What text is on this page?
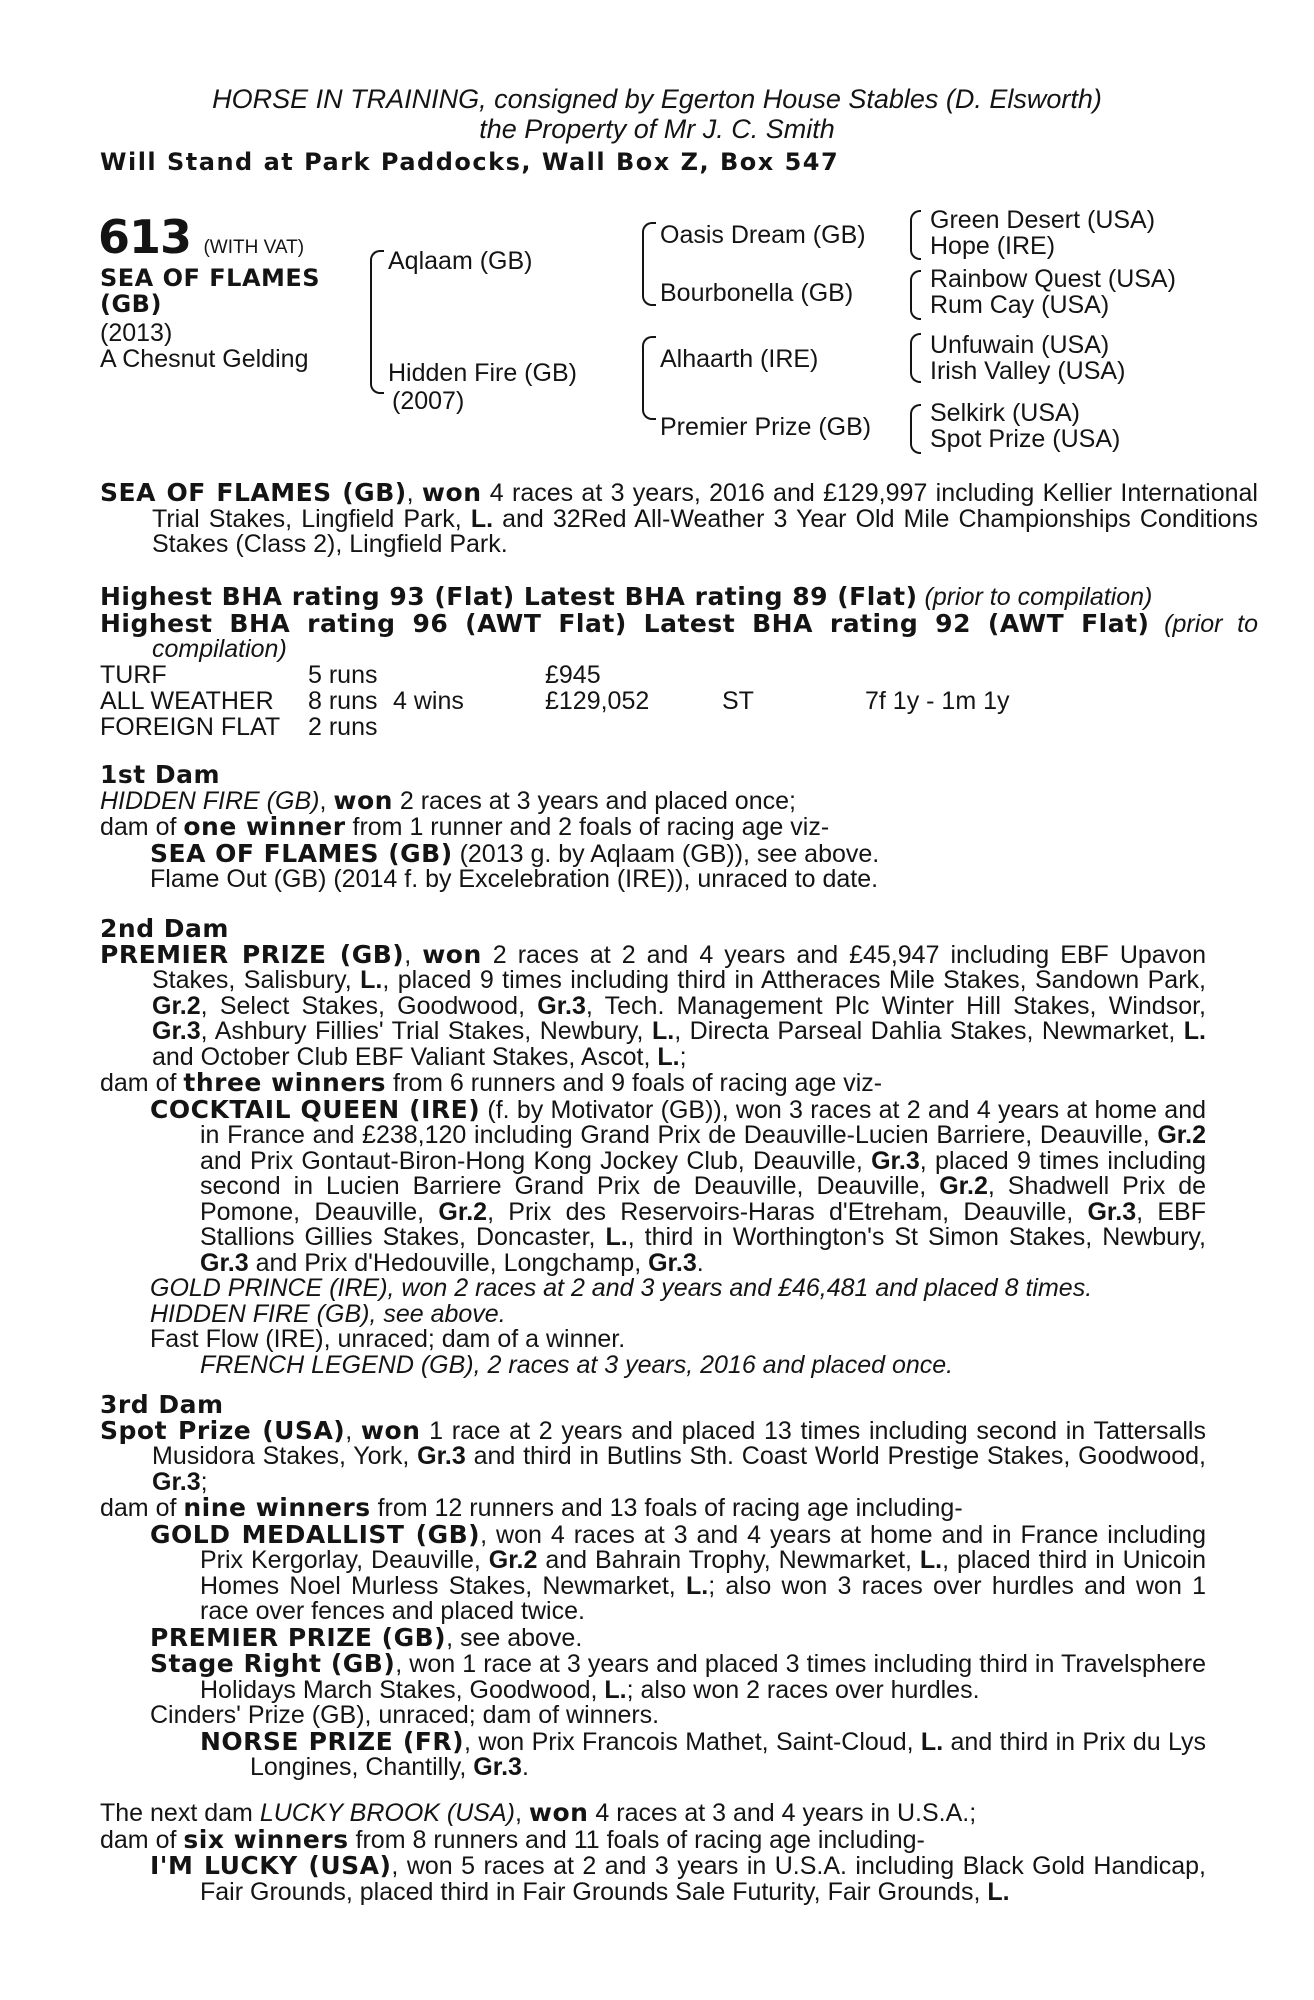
HORSE IN TRAINING, consigned by Egerton House Stables (D. Elsworth)
the Property of Mr J. C. Smith
Will Stand at Park Paddocks, Wall Box Z, Box 547
613 (WITH VAT)
SEA OF FLAMES
(GB)
(2013)
A Chesnut Gelding
Aqlaam (GB)
Hidden Fire (GB)
(2007)
Oasis Dream (GB)
Bourbonella (GB)
Alhaarth (IRE)
Premier Prize (GB)
Green Desert (USA)
Hope (IRE)
Rainbow Quest (USA)
Rum Cay (USA)
Unfuwain (USA)
Irish Valley (USA)
Selkirk (USA)
Spot Prize (USA)

SEA OF FLAMES (GB), won 4 races at 3 years, 2016 and £129,997 including Kellier International Trial Stakes, Lingfield Park, L. and 32Red All-Weather 3 Year Old Mile Championships Conditions Stakes (Class 2), Lingfield Park.

Highest BHA rating 93 (Flat) Latest BHA rating 89 (Flat) (prior to compilation)

Highest BHA rating 96 (AWT Flat) Latest BHA rating 92 (AWT Flat) (prior to compilation)

TURF	5 runs	£945
ALL WEATHER 8 runs 4 wins	£129,052	ST	7f 1y - 1m 1y
FOREIGN FLAT 2 runs

1st Dam

HIDDEN FIRE (GB), won 2 races at 3 years and placed once;

dam of one winner from 1 runner and 2 foals of racing age viz-

SEA OF FLAMES (GB) (2013 g. by Aqlaam (GB)), see above.

Flame Out (GB) (2014 f. by Excelebration (IRE)), unraced to date.

2nd Dam

PREMIER PRIZE (GB), won 2 races at 2 and 4 years and £45,947 including EBF Upavon Stakes, Salisbury, L., placed 9 times including third in Attheraces Mile Stakes, Sandown Park, Gr.2, Select Stakes, Goodwood, Gr.3, Tech. Management Plc Winter Hill Stakes, Windsor, Gr.3, Ashbury Fillies' Trial Stakes, Newbury, L., Directa Parseal Dahlia Stakes, Newmarket, L. and October Club EBF Valiant Stakes, Ascot, L.;

dam of three winners from 6 runners and 9 foals of racing age viz-

COCKTAIL QUEEN (IRE) (f. by Motivator (GB)), won 3 races at 2 and 4 years at home and in France and £238,120 including Grand Prix de Deauville-Lucien Barriere, Deauville, Gr.2 and Prix Gontaut-Biron-Hong Kong Jockey Club, Deauville, Gr.3, placed 9 times including second in Lucien Barriere Grand Prix de Deauville, Deauville, Gr.2, Shadwell Prix de Pomone, Deauville, Gr.2, Prix des Reservoirs-Haras d'Etreham, Deauville, Gr.3, EBF Stallions Gillies Stakes, Doncaster, L., third in Worthington's St Simon Stakes, Newbury, Gr.3 and Prix d'Hedouville, Longchamp, Gr.3.

GOLD PRINCE (IRE), won 2 races at 2 and 3 years and £46,481 and placed 8 times.

HIDDEN FIRE (GB), see above.

Fast Flow (IRE), unraced; dam of a winner.

FRENCH LEGEND (GB), 2 races at 3 years, 2016 and placed once.

3rd Dam

Spot Prize (USA), won 1 race at 2 years and placed 13 times including second in Tattersalls Musidora Stakes, York, Gr.3 and third in Butlins Sth. Coast World Prestige Stakes, Goodwood, Gr.3;

dam of nine winners from 12 runners and 13 foals of racing age including-

GOLD MEDALLIST (GB), won 4 races at 3 and 4 years at home and in France including Prix Kergorlay, Deauville, Gr.2 and Bahrain Trophy, Newmarket, L., placed third in Unicoin Homes Noel Murless Stakes, Newmarket, L.; also won 3 races over hurdles and won 1 race over fences and placed twice.

PREMIER PRIZE (GB), see above.

Stage Right (GB), won 1 race at 3 years and placed 3 times including third in Travelsphere Holidays March Stakes, Goodwood, L.; also won 2 races over hurdles.

Cinders' Prize (GB), unraced; dam of winners.

NORSE PRIZE (FR), won Prix Francois Mathet, Saint-Cloud, L. and third in Prix du Lys Longines, Chantilly, Gr.3.

The next dam LUCKY BROOK (USA), won 4 races at 3 and 4 years in U.S.A.;

dam of six winners from 8 runners and 11 foals of racing age including-

I'M LUCKY (USA), won 5 races at 2 and 3 years in U.S.A. including Black Gold Handicap, Fair Grounds, placed third in Fair Grounds Sale Futurity, Fair Grounds, L.
